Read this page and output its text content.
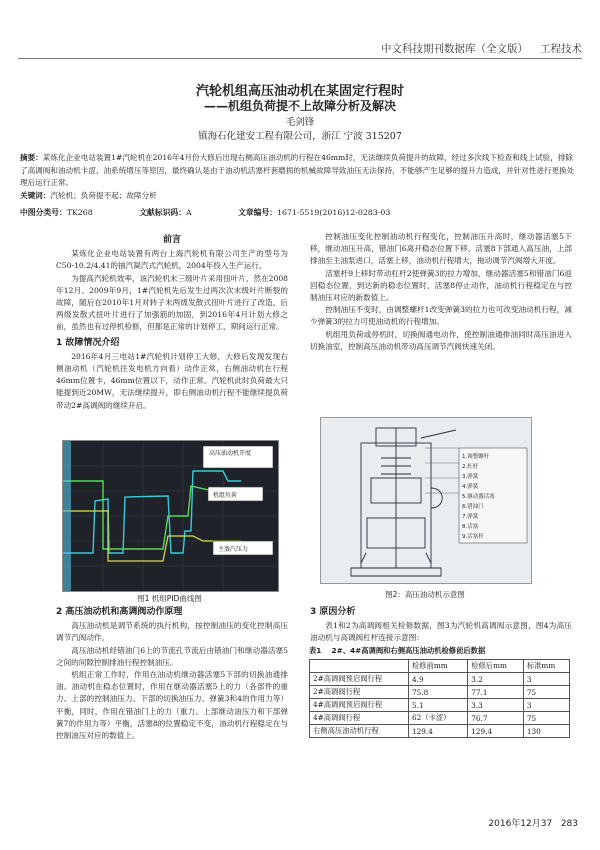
中文科技期刊数据库（全文版） 工程技术
汽轮机组高压油动机在某固定行程时
——机组负荷提不上故障分析及解决
毛剑锋
镇海石化建安工程有限公司，浙江 宁波 315207
摘要：某炼化企业电站装置1#汽轮机在2016年4月份大修后出现右侧高压油动机的行程在46mm时，无法继续负荷提升的故障，经过多次线下检查和线上试验，排除了高调阀和油动机卡涩、油系统增压等原因，最终确认是由于油动机活塞杆套磨损的机械故障导致油压无法保持，不能够产生足够的提升力造成，并针对性进行更换处理后运行正常。
关键词：汽轮机；负荷提不起；故障分析
中图分类号：TK268	文献标识码：A	文章编号：1671-5519(2016)12-0283-03
前言

某炼化企业电站装置有两台上海汽轮机有限公司生产的型号为C50-10.2/4.41的抽汽凝汽式汽轮机，2004年投入生产运行。

为提高汽轮机效率，该汽轮机末三级叶片采用扭叶片，然在2008年12月、2009年9月，1#汽轮机先后发生过两次次末级叶片断裂的故障，随后在2010年1月对转子末两级发散式扭叶片进行了改造，后两级发散式扭叶片进行了加强筋的加固，到2016年4月计划大修之前，虽然也有过停机检修，但都是正常的计划停工，期间运行正常。

1 故障情况介绍

2016年4月三电站1#汽轮机计划停工大修，大修后发现发现右侧油动机（汽轮机往发电机方向看）动作正常，右侧油动机在行程46mm位置卡，46mm位置以下，动作正常。汽轮机此时负荷最大只能提到近20MW，无法继续提升，即右侧油动机行程不能继续提负荷带动2#高调阀的继续开启。

高压油动机开度
机组负荷
主蒸汽压力
图1 机组PID曲线图
2 高压油动机和高调阀动作原理

高压油动机是调节系统的执行机构，按控制油压的变化控制高压调节汽阀动作。

高压油动机经错油门6上的节流孔节流后由错油门和继动器活塞5之间的间隙控制排油行程控制油压。

机组正常工作时，作用在油动机继动器活塞5下部的切换油通排油。油动机在稳态位置时，作用在继动器活塞5上的力（各部件的重力、上部的控制油压力、下部的切换油压力、弹簧3和4的作用力等）平衡，同时，作用在错油门上的力（重力、上部继动油压力和下部弹簧7的作用力等）平衡，活塞8的位置稳定不变，油动机行程稳定在与控制油压对应的数值上。

控制油压变化控制油动机行程变化，控制油压升高时，继动器活塞5下移，继动油压升高，错油门6离开稳态位置下移，活塞8下部通入高压油，上部排油至主油泵进口，活塞上移，油动机行程增大，拖动调节汽阀增大开度。

活塞杆9上移时带动杠杆2使弹簧3的拉力增加，继动器活塞5和错油门6返回稳态位置，到达新的稳态位置时，活塞8停止动作，油动机行程稳定在与控制油压对应的新数值上。

控制油压不变时，由调整螺杆1改变弹簧3的拉力也可改变油动机行程，减少弹簧3的拉力可使油动机的行程增加。

机组甩负荷或停机时，切换阀通电动作，使控制油通排油同时高压油进入切换油室，控制高压油动机带动高压调节汽阀快速关闭。

1.调整螺杆
2.杠杆
3.弹簧
4.弹簧
5.继动器活塞
6.错油门
7.弹簧
8.活塞
9.活塞杆
图2：高压油动机示意图
3 原因分析

表1和2为高调阀相关检修数据，图3为汽轮机高调阀示意图，图4为高压油动机与高调阀杠杆连接示意图：

表1 2#、4#高调阀和右侧高压油动机检修前后数据
	检修前mm	检修后mm	标准mm
2#高调阀预启阀行程	4.9	3.2	3
2#高调阀行程	75.8	77.1	75
4#高调阀预启阀行程	5.1	3.3	3
4#高调阀行程	62（卡涩）	76.7	75
右侧高压油动机行程	129.4	129.4	130
2016年12月37 283
